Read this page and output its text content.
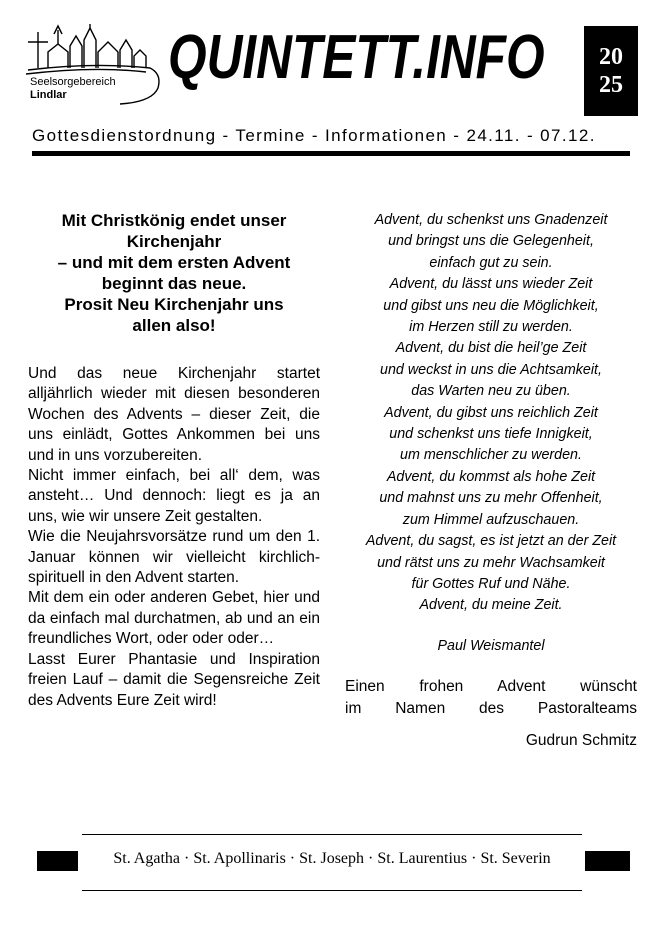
Seelsorgebereich
Lindlar
QUINTETT.INFO 20
25
Gottesdienstordnung - Termine - Informationen - 24.11. - 07.12.
Mit Christkönig endet unser
Kirchenjahr
– und mit dem ersten Advent
beginnt das neue.
Prosit Neu Kirchenjahr uns
allen also!

Und das neue Kirchenjahr startet alljährlich wieder mit diesen besonderen Wochen des Advents – dieser Zeit, die uns einlädt, Gottes Ankommen bei uns und in uns vorzubereiten.

Nicht immer einfach, bei all‘ dem, was ansteht… Und dennoch: liegt es ja an uns, wie wir unsere Zeit gestalten.

Wie die Neujahrsvorsätze rund um den 1. Januar können wir vielleicht kirchlich-spirituell in den Advent starten.

Mit dem ein oder anderen Gebet, hier und da einfach mal durchatmen, ab und an ein freundliches Wort, oder oder oder…

Lasst Eurer Phantasie und Inspiration freien Lauf – damit die Segensreiche Zeit des Advents Eure Zeit wird!

Advent, du schenkst uns Gnadenzeit
und bringst uns die Gelegenheit,
einfach gut zu sein.
Advent, du lässt uns wieder Zeit
und gibst uns neu die Möglichkeit,
im Herzen still zu werden.
Advent, du bist die heil’ge Zeit
und weckst in uns die Achtsamkeit,
das Warten neu zu üben.
Advent, du gibst uns reichlich Zeit
und schenkst uns tiefe Innigkeit,
um menschlicher zu werden.
Advent, du kommst als hohe Zeit
und mahnst uns zu mehr Offenheit,
zum Himmel aufzuschauen.
Advent, du sagst, es ist jetzt an der Zeit
und rätst uns zu mehr Wachsamkeit
für Gottes Ruf und Nähe.
Advent, du meine Zeit.
Paul Weismantel
Einen frohen Advent wünscht
im Namen des Pastoralteams
Gudrun Schmitz
St. Agatha · St. Apollinaris · St. Joseph · St. Laurentius · St. Severin
